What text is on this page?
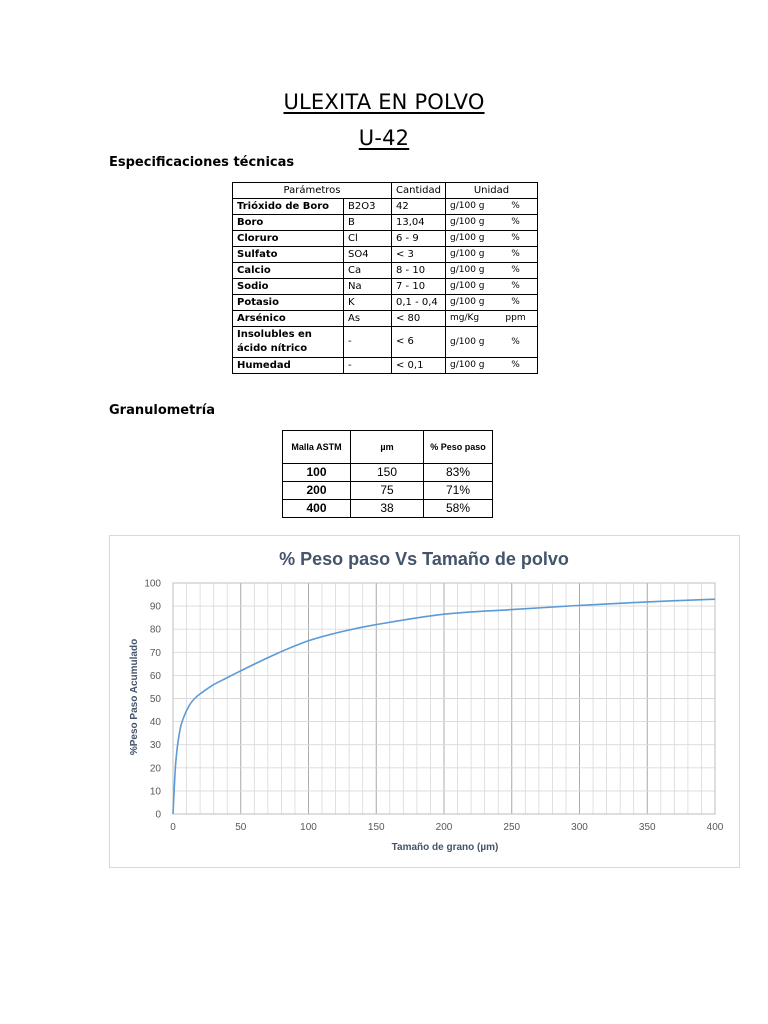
ULEXITA EN POLVO
U-42
Especificaciones técnicas
Parámetros		Cantidad	Unidad	
Trióxido de Boro	B2O3	42	g/100 g	%
Boro	B	13,04	g/100 g	%
Cloruro	Cl	6 - 9	g/100 g	%
Sulfato	SO4	< 3	g/100 g	%
Calcio	Ca	8 - 10	g/100 g	%
Sodio	Na	7 - 10	g/100 g	%
Potasio	K	0,1 - 0,4	g/100 g	%
Arsénico	As	< 80	mg/Kg	ppm
Insolubles en ácido nítrico	-	< 6	g/100 g	%
Humedad	-	< 0,1	g/100 g	%
Granulometría
Malla ASTM	µm	% Peso paso
100	150	83%
200	75	71%
400	38	58%
% Peso paso Vs Tamaño de polvo
0	50	100	150	200	250	300	350	400
0
10
20
30
40
50
60
70
80
90
100
Tamaño de grano (µm)
%Peso Paso Acumulado
